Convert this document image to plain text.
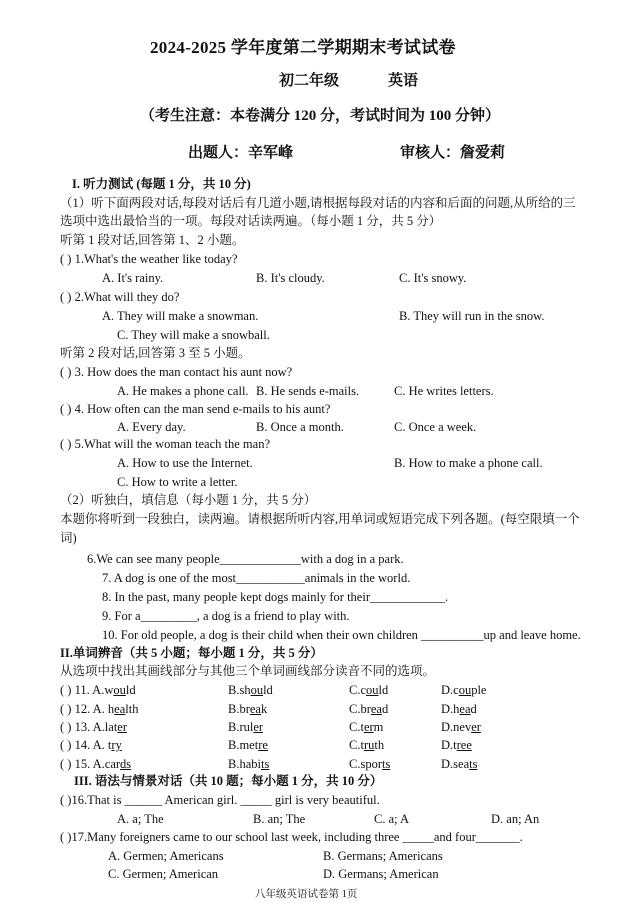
2024-2025 学年度第二学期期末考试试卷
初二年级	英语
（考生注意：本卷满分 120 分，考试时间为 100 分钟）
出题人：辛军峰	审核人：詹爱莉
I. 听力测试 (每题 1 分，共 10 分)
（1）听下面两段对话,每段对话后有几道小题,请根据每段对话的内容和后面的问题,从所给的三
选项中选出最恰当的一项。每段对话读两遍。（每小题 1 分，共 5 分）
听第 1 段对话,回答第 1、2 小题。
( ) 1.What's the weather like today?
A. It's rainy.	B. It's cloudy.	C. It's snowy.
( ) 2.What will they do?
A. They will make a snowman.	B. They will run in the snow.
C. They will make a snowball.
听第 2 段对话,回答第 3 至 5 小题。
( ) 3. How does the man contact his aunt now?
A. He makes a phone call. B. He sends e-mails.	C. He writes letters.
( ) 4. How often can the man send e-mails to his aunt?
A. Every day.	B. Once a month.	C. Once a week.
( ) 5.What will the woman teach the man?
A. How to use the Internet.	B. How to make a phone call.
C. How to write a letter.
（2）听独白，填信息（每小题 1 分，共 5 分）
本题你将听到一段独白，读两遍。请根据所听内容,用单词或短语完成下列各题。(每空限填一个
词)
6.We can see many people_____________with a dog in a park.
7. A dog is one of the most___________animals in the world.
8. In the past, many people kept dogs mainly for their____________.
9. For a_________, a dog is a friend to play with.
10. For old people, a dog is their child when their own children __________up and leave home.
II.单词辨音（共 5 小题；每小题 1 分，共 5 分）
从选项中找出其画线部分与其他三个单词画线部分读音不同的选项。
( ) 11. A.would	B.should	C.could	D.couple
( ) 12. A. health	B.break	C.bread	D.head
( ) 13. A.later	B.ruler	C.term	D.never
( ) 14. A. try	B.metre	C.truth	D.tree
( ) 15. A.cards	B.habits	C.sports	D.seats
III. 语法与情景对话（共 10 题；每小题 1 分，共 10 分）
( )16.That is ______ American girl. _____ girl is very beautiful.
A. a; The	B. an; The	C. a; A	D. an; An
( )17.Many foreigners came to our school last week, including three _____and four_______.
A. Germen; Americans	B. Germans; Americans
C. Germen; American	D. Germans; American
八年级英语试卷第 1页
